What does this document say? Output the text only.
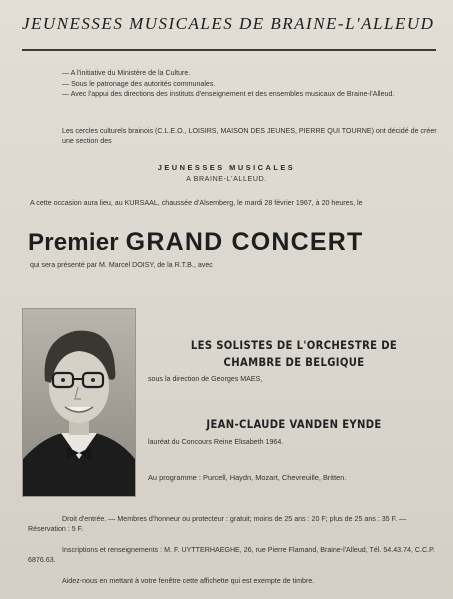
JEUNESSES MUSICALES DE BRAINE-L'ALLEUD
— A l'initiative du Ministère de la Culture.
— Sous le patronage des autorités communales.
— Avec l'appui des directions des instituts d'enseignement et des ensembles musicaux de Braine-l'Alleud.
Les cercles culturels brainois (C.L.E.O., LOISIRS, MAISON DES JEUNES, PIERRE QUI TOURNE) ont décidé de créer une section des
JEUNESSES MUSICALES
A BRAINE-L'ALLEUD.
A cette occasion aura lieu, au KURSAAL, chaussée d'Alsemberg, le mardi 28 février 1967, à 20 heures, le
Premier GRAND CONCERT
qui sera présenté par M. Marcel DOISY, de la R.T.B., avec
LES SOLISTES DE L'ORCHESTRE DE CHAMBRE DE BELGIQUE
sous la direction de Georges MAES,
JEAN-CLAUDE VANDEN EYNDE
lauréat du Concours Reine Elisabeth 1964.
Au programme : Purcell, Haydn, Mozart, Chevreuille, Britten.
Droit d'entrée. — Membres d'honneur ou protecteur : gratuit; moins de 25 ans : 20 F; plus de 25 ans : 35 F. — Réservation : 5 F.
Inscriptions et renseignements : M. F. UYTTERHAEGHE, 26, rue Pierre Flamand, Braine-l'Alleud, Tél. 54.43.74, C.C.P. 6876.63.
Aidez-nous en mettant à votre fenêtre cette affichette qui est exempte de timbre.
